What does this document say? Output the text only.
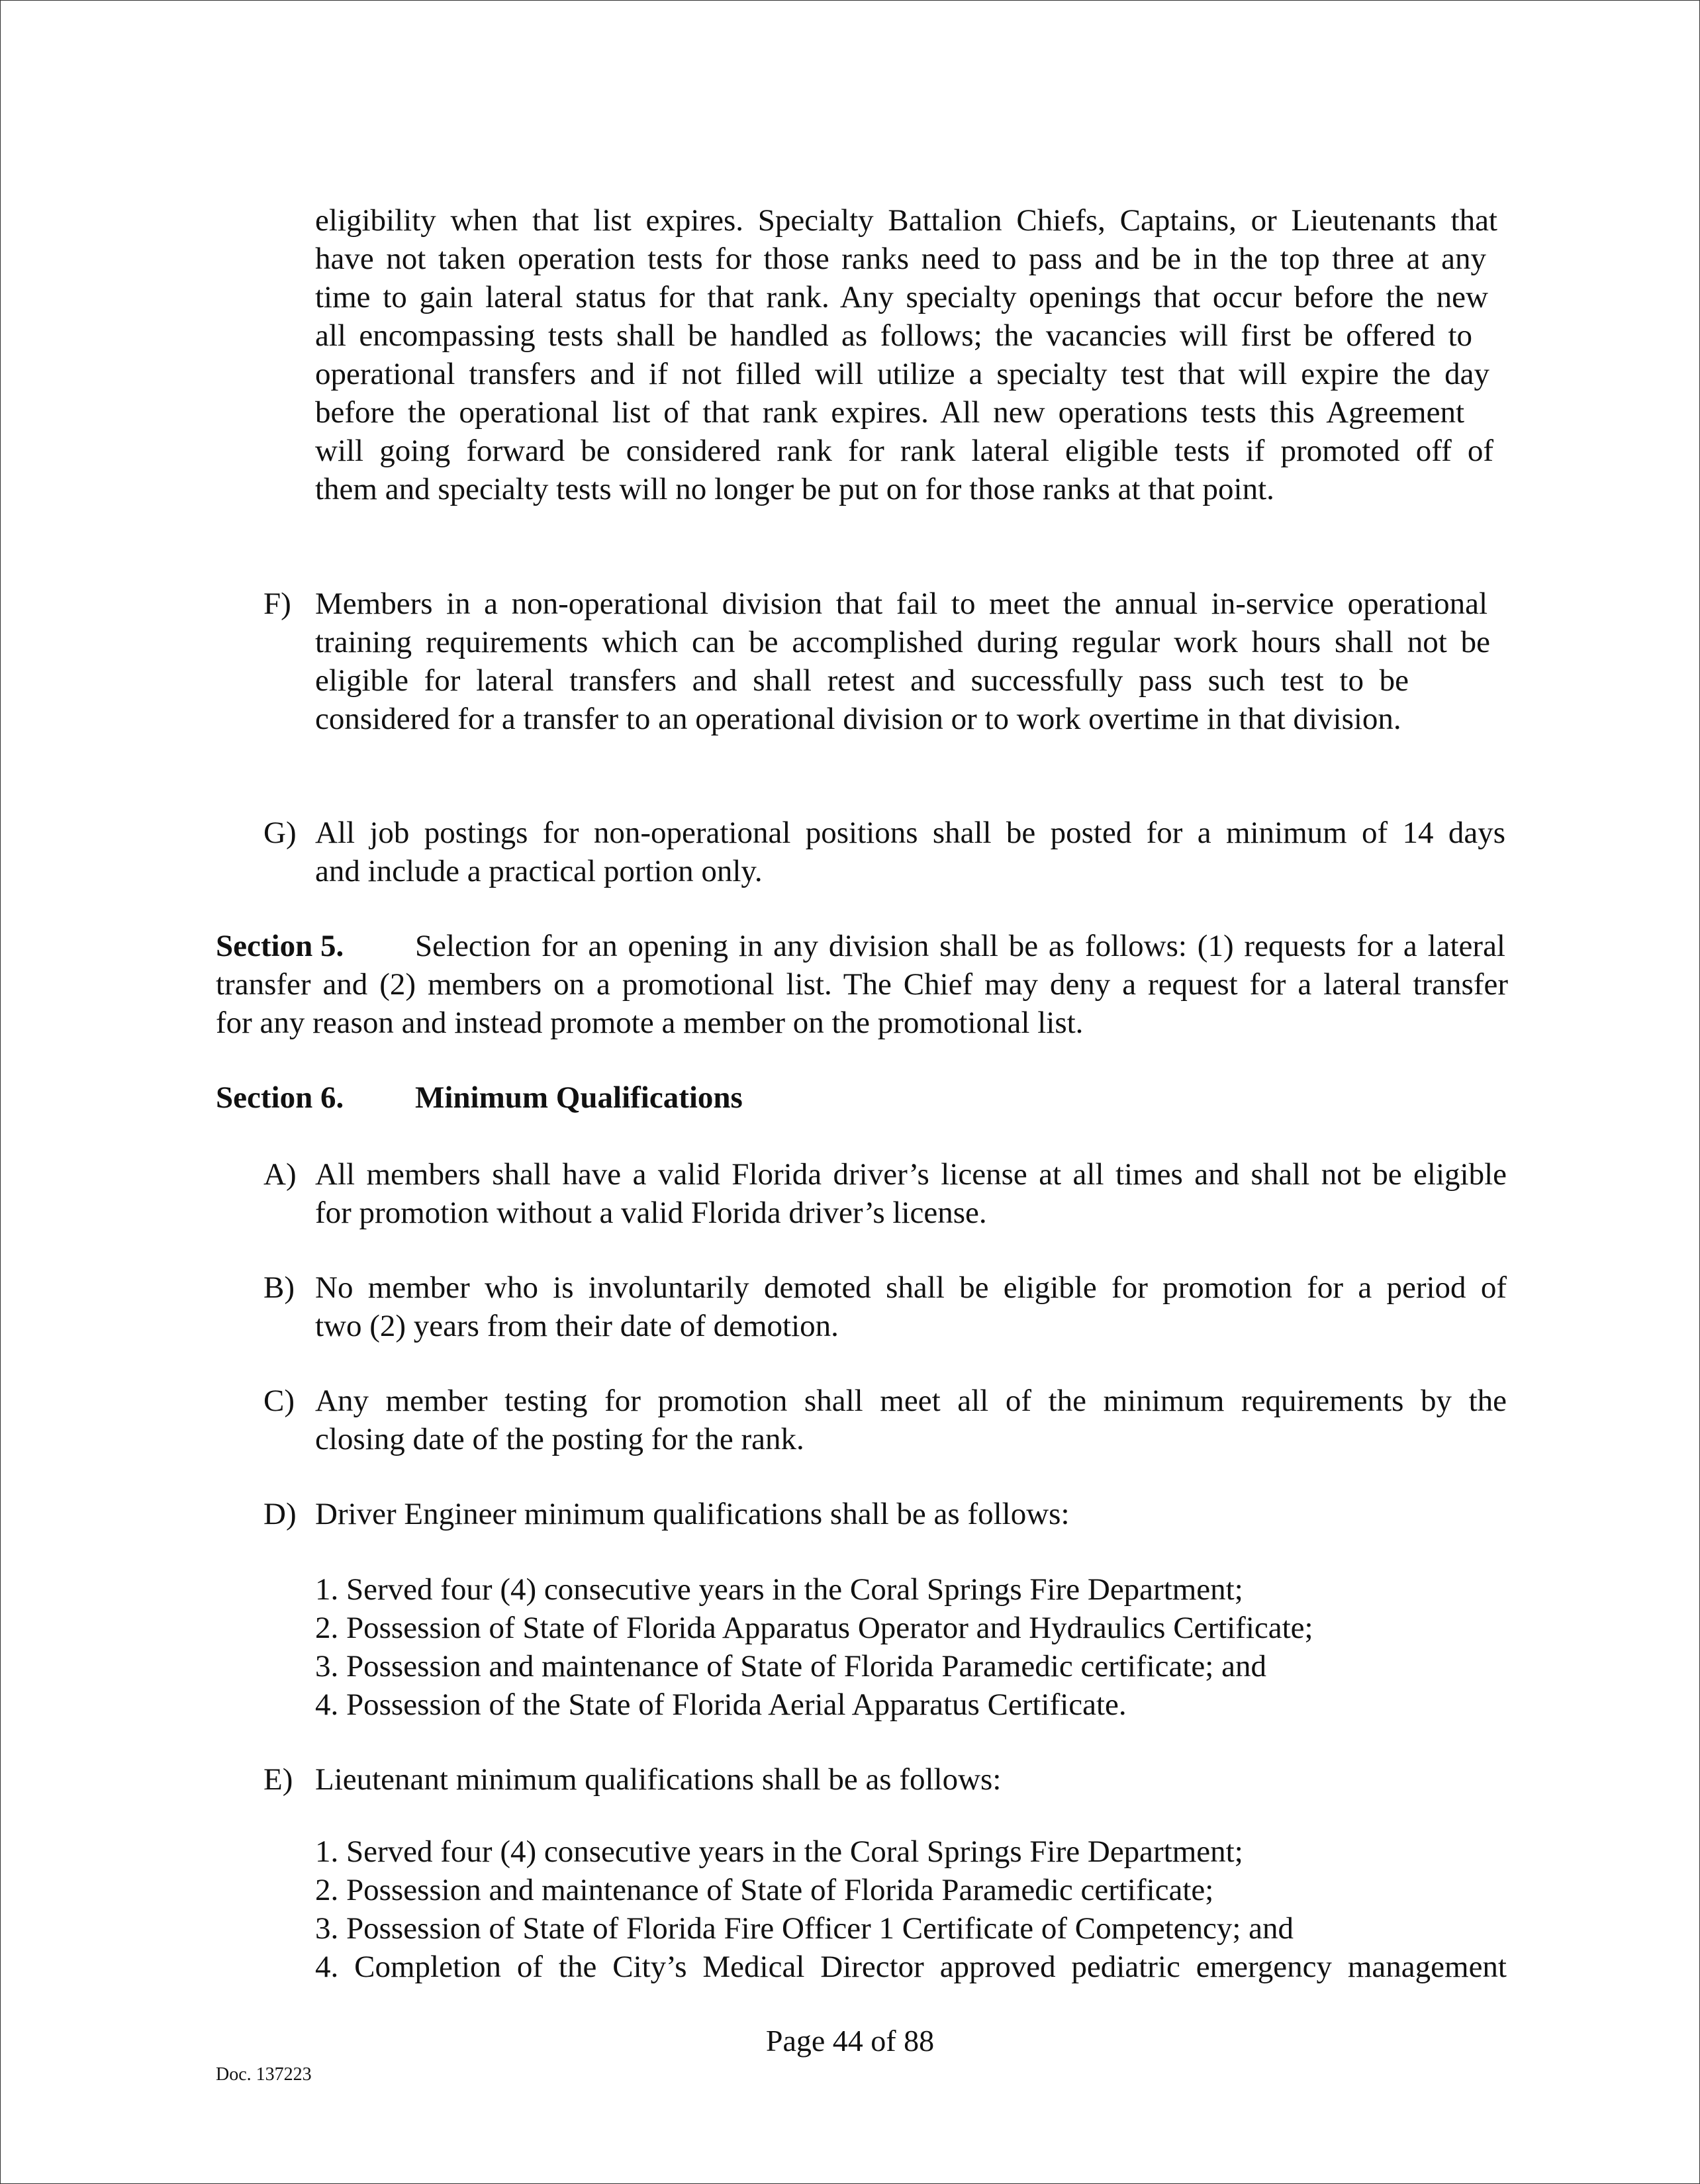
eligibility when that list expires. Specialty Battalion Chiefs, Captains, or Lieutenants that
have not taken operation tests for those ranks need to pass and be in the top three at any
time to gain lateral status for that rank. Any specialty openings that occur before the new
all encompassing tests shall be handled as follows; the vacancies will first be offered to
operational transfers and if not filled will utilize a specialty test that will expire the day
before the operational list of that rank expires. All new operations tests this Agreement
will going forward be considered rank for rank lateral eligible tests if promoted off of
them and specialty tests will no longer be put on for those ranks at that point.
F) Members in a non-operational division that fail to meet the annual in-service operational
training requirements which can be accomplished during regular work hours shall not be
eligible for lateral transfers and shall retest and successfully pass such test to be
considered for a transfer to an operational division or to work overtime in that division.
G) All job postings for non-operational positions shall be posted for a minimum of 14 days
and include a practical portion only.
Section 5. Selection for an opening in any division shall be as follows: (1) requests for a lateral
transfer and (2) members on a promotional list. The Chief may deny a request for a lateral transfer
for any reason and instead promote a member on the promotional list.
Section 6. Minimum Qualifications
A) All members shall have a valid Florida driver’s license at all times and shall not be eligible
for promotion without a valid Florida driver’s license.
B) No member who is involuntarily demoted shall be eligible for promotion for a period of
two (2) years from their date of demotion.
C) Any member testing for promotion shall meet all of the minimum requirements by the
closing date of the posting for the rank.
D) Driver Engineer minimum qualifications shall be as follows:
1. Served four (4) consecutive years in the Coral Springs Fire Department;
2. Possession of State of Florida Apparatus Operator and Hydraulics Certificate;
3. Possession and maintenance of State of Florida Paramedic certificate; and
4. Possession of the State of Florida Aerial Apparatus Certificate.
E) Lieutenant minimum qualifications shall be as follows:
1. Served four (4) consecutive years in the Coral Springs Fire Department;
2. Possession and maintenance of State of Florida Paramedic certificate;
3. Possession of State of Florida Fire Officer 1 Certificate of Competency; and
4. Completion of the City’s Medical Director approved pediatric emergency management
Page 44 of 88
Doc. 137223
